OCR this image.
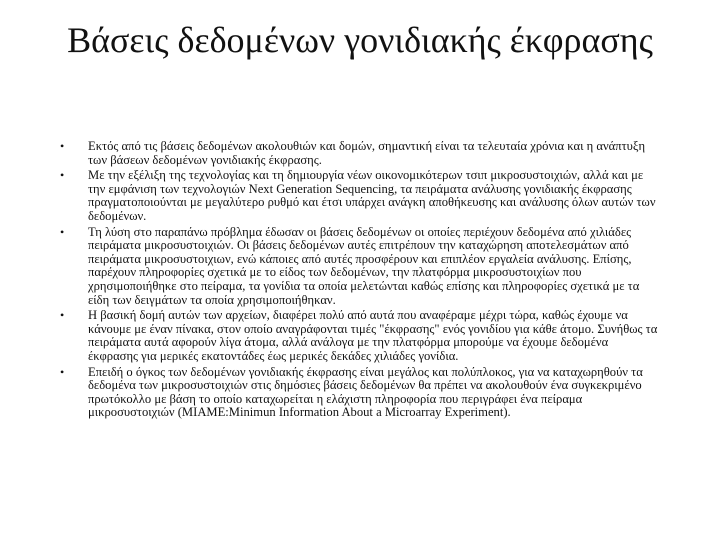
Βάσεις δεδομένων γονιδιακής έκφρασης
•	Εκτός από τις βάσεις δεδομένων ακολουθιών και δομών, σημαντική είναι τα τελευταία χρόνια και η ανάπτυξη των βάσεων δεδομένων γονιδιακής έκφρασης.
•	Με την εξέλιξη της τεχνολογίας και τη δημιουργία νέων οικονομικότερων τσιπ μικροσυστοιχιών, αλλά και με την εμφάνιση των τεχνολογιών Next Generation Sequencing, τα πειράματα ανάλυσης γονιδιακής έκφρασης πραγματοποιούνται με μεγαλύτερο ρυθμό και έτσι υπάρχει ανάγκη αποθήκευσης και ανάλυσης όλων αυτών των δεδομένων.
•	Τη λύση στο παραπάνω πρόβλημα έδωσαν οι βάσεις δεδομένων οι οποίες περιέχουν δεδομένα από χιλιάδες πειράματα μικροσυστοιχιών. Οι βάσεις δεδομένων αυτές επιτρέπουν την καταχώρηση αποτελεσμάτων από πειράματα μικροσυστοιχιων, ενώ κάποιες από αυτές προσφέρουν και επιπλέον εργαλεία ανάλυσης. Επίσης, παρέχουν πληροφορίες σχετικά με το είδος των δεδομένων, την πλατφόρμα μικροσυστοιχίων που χρησιμοποιήθηκε στο πείραμα, τα γονίδια τα οποία μελετώνται καθώς επίσης και πληροφορίες σχετικά με τα είδη των δειγμάτων τα οποία χρησιμοποιήθηκαν.
•	Η βασική δομή αυτών των αρχείων, διαφέρει πολύ από αυτά που αναφέραμε μέχρι τώρα, καθώς έχουμε να κάνουμε με έναν πίνακα, στον οποίο αναγράφονται τιμές "έκφρασης" ενός γονιδίου για κάθε άτομο. Συνήθως τα πειράματα αυτά αφορούν λίγα άτομα, αλλά ανάλογα με την πλατφόρμα μπορούμε να έχουμε δεδομένα έκφρασης για μερικές εκατοντάδες έως μερικές δεκάδες χιλιάδες γονίδια.
•	Επειδή ο όγκος των δεδομένων γονιδιακής έκφρασης είναι μεγάλος και πολύπλοκος, για να καταχωρηθούν τα δεδομένα των μικροσυστοιχιών στις δημόσιες βάσεις δεδομένων θα πρέπει να ακολουθούν ένα συγκεκριμένο πρωτόκολλο με βάση το οποίο καταχωρείται η ελάχιστη πληροφορία που περιγράφει ένα πείραμα μικροσυστοιχιών (MIAME:Minimun Information About a Microarray Experiment).
